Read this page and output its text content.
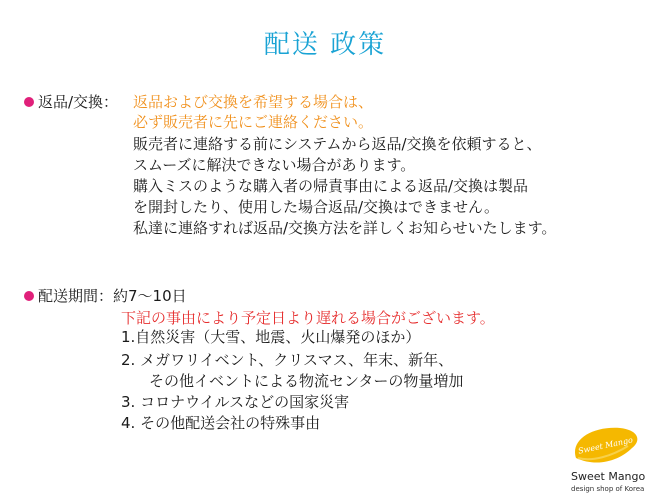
配送 政策
返品/交換： 返品および交換を希望する場合は、
必ず販売者に先にご連絡ください。
販売者に連絡する前にシステムから返品/交換を依頼すると、
スムーズに解決できない場合があります。
購入ミスのような購入者の帰責事由による返品/交換は製品
を開封したり、使用した場合返品/交換はできません。
私達に連絡すれば返品/交換方法を詳しくお知らせいたします。
配送期間：約7～10日
下記の事由により予定日より遅れる場合がございます。
1.自然災害（大雪、地震、火山爆発のほか）
2. メガワリイベント、クリスマス、年末、新年、
その他イベントによる物流センターの物量増加
3. コロナウイルスなどの国家災害
4. その他配送会社の特殊事由
Sweet Mango
Sweet Mango
design shop of Korea
